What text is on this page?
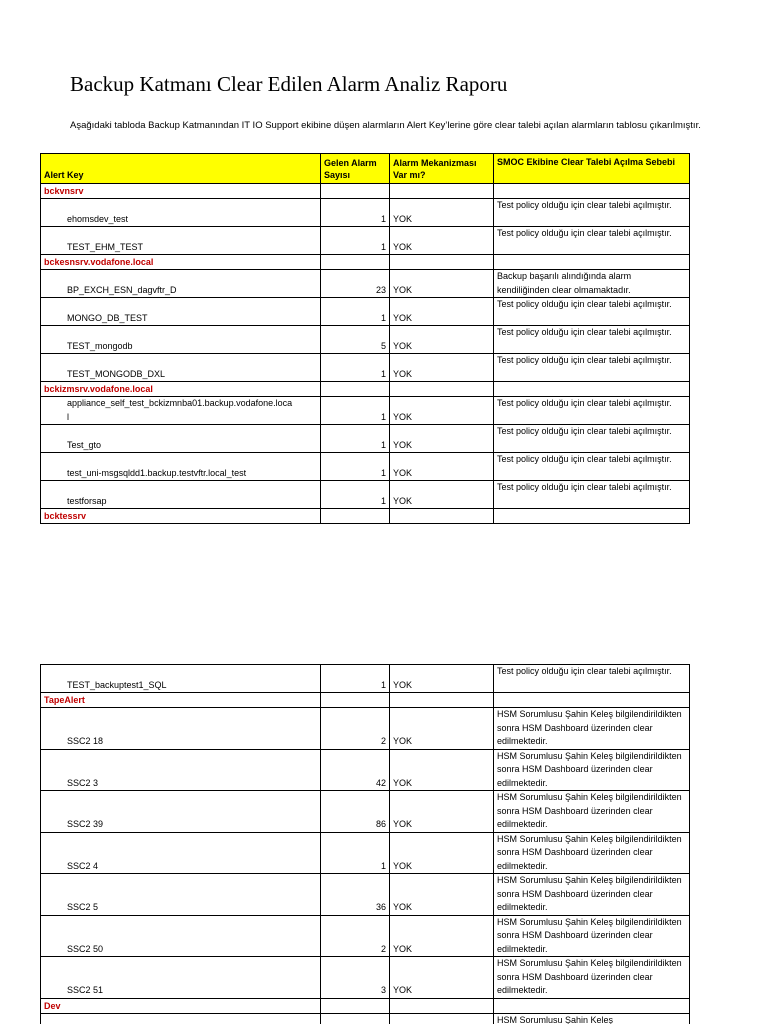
Backup Katmanı Clear Edilen Alarm Analiz Raporu
Aşağıdaki tabloda Backup Katmanından IT IO Support ekibine düşen alarmların Alert Key’lerine göre clear talebi açılan alarmların tablosu çıkarılmıştır.
Alert Key	Gelen Alarm Sayısı	Alarm Mekanizması Var mı?	SMOC Ekibine Clear Talebi Açılma Sebebi
bckvnsrv			
ehomsdev_test	1	YOK	Test policy olduğu için clear talebi açılmıştır.
TEST_EHM_TEST	1	YOK	Test policy olduğu için clear talebi açılmıştır.
bckesnsrv.vodafone.local			
BP_EXCH_ESN_dagvftr_D	23	YOK	Backup başarılı alındığında alarm kendiliğinden clear olmamaktadır.
MONGO_DB_TEST	1	YOK	Test policy olduğu için clear talebi açılmıştır.
TEST_mongodb	5	YOK	Test policy olduğu için clear talebi açılmıştır.
TEST_MONGODB_DXL	1	YOK	Test policy olduğu için clear talebi açılmıştır.
bckizmsrv.vodafone.local			
appliance_self_test_bckizmnba01.backup.vodafone.loca
l	1	YOK	Test policy olduğu için clear talebi açılmıştır.
Test_gto	1	YOK	Test policy olduğu için clear talebi açılmıştır.
test_uni-msgsqldd1.backup.testvftr.local_test	1	YOK	Test policy olduğu için clear talebi açılmıştır.
testforsap	1	YOK	Test policy olduğu için clear talebi açılmıştır.
bcktessrv			
TEST_backuptest1_SQL	1	YOK	Test policy olduğu için clear talebi açılmıştır.
TapeAlert			
SSC2 18	2	YOK	HSM Sorumlusu Şahin Keleş bilgilendirildikten sonra HSM Dashboard üzerinden clear edilmektedir.
SSC2 3	42	YOK	HSM Sorumlusu Şahin Keleş bilgilendirildikten sonra HSM Dashboard üzerinden clear edilmektedir.
SSC2 39	86	YOK	HSM Sorumlusu Şahin Keleş bilgilendirildikten sonra HSM Dashboard üzerinden clear edilmektedir.
SSC2 4	1	YOK	HSM Sorumlusu Şahin Keleş bilgilendirildikten sonra HSM Dashboard üzerinden clear edilmektedir.
SSC2 5	36	YOK	HSM Sorumlusu Şahin Keleş bilgilendirildikten sonra HSM Dashboard üzerinden clear edilmektedir.
SSC2 50	2	YOK	HSM Sorumlusu Şahin Keleş bilgilendirildikten sonra HSM Dashboard üzerinden clear edilmektedir.
SSC2 51	3	YOK	HSM Sorumlusu Şahin Keleş bilgilendirildikten sonra HSM Dashboard üzerinden clear edilmektedir.
Dev			
			HSM Sorumlusu Şahin Keleş
